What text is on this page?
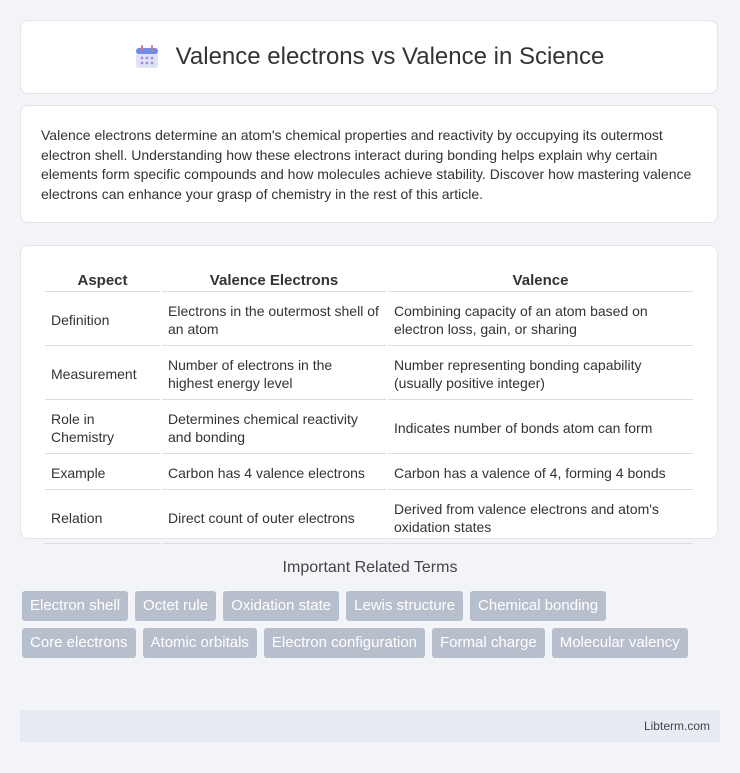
Valence electrons vs Valence in Science

Valence electrons determine an atom's chemical properties and reactivity by occupying its outermost electron shell. Understanding how these electrons interact during bonding helps explain why certain elements form specific compounds and how molecules achieve stability. Discover how mastering valence electrons can enhance your grasp of chemistry in the rest of this article.

Aspect	Valence Electrons	Valence
Definition	Electrons in the outermost shell of an atom	Combining capacity of an atom based on electron loss, gain, or sharing
Measurement	Number of electrons in the highest energy level	Number representing bonding capability (usually positive integer)
Role in Chemistry	Determines chemical reactivity and bonding	Indicates number of bonds atom can form
Example	Carbon has 4 valence electrons	Carbon has a valence of 4, forming 4 bonds
Relation	Direct count of outer electrons	Derived from valence electrons and atom's oxidation states
Important Related Terms
Electron shell	Octet rule	Oxidation state	Lewis structure	Chemical bonding
Core electrons	Atomic orbitals	Electron configuration	Formal charge	Molecular valency
Libterm.com
